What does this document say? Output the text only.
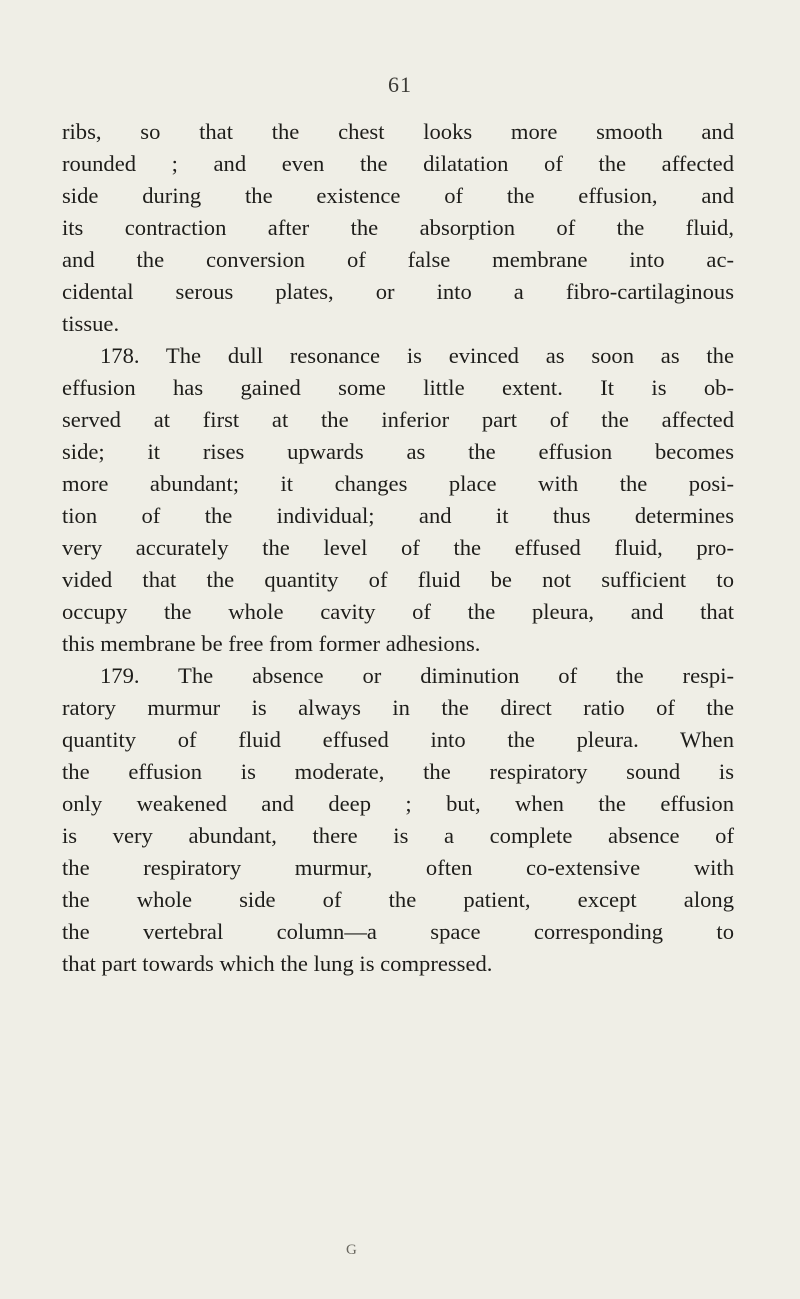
61
ribs, so that the chest looks more smooth and
rounded ; and even the dilatation of the affected
side during the existence of the effusion, and
its contraction after the absorption of the fluid,
and the conversion of false membrane into ac-
cidental serous plates, or into a fibro-cartilaginous
tissue.
178. The dull resonance is evinced as soon as the
effusion has gained some little extent. It is ob-
served at first at the inferior part of the affected
side; it rises upwards as the effusion becomes
more abundant; it changes place with the posi-
tion of the individual; and it thus determines
very accurately the level of the effused fluid, pro-
vided that the quantity of fluid be not sufficient to
occupy the whole cavity of the pleura, and that
this membrane be free from former adhesions.
179. The absence or diminution of the respi-
ratory murmur is always in the direct ratio of the
quantity of fluid effused into the pleura. When
the effusion is moderate, the respiratory sound is
only weakened and deep ; but, when the effusion
is very abundant, there is a complete absence of
the respiratory murmur, often co-extensive with
the whole side of the patient, except along
the vertebral column—a space corresponding to
that part towards which the lung is compressed.
G
